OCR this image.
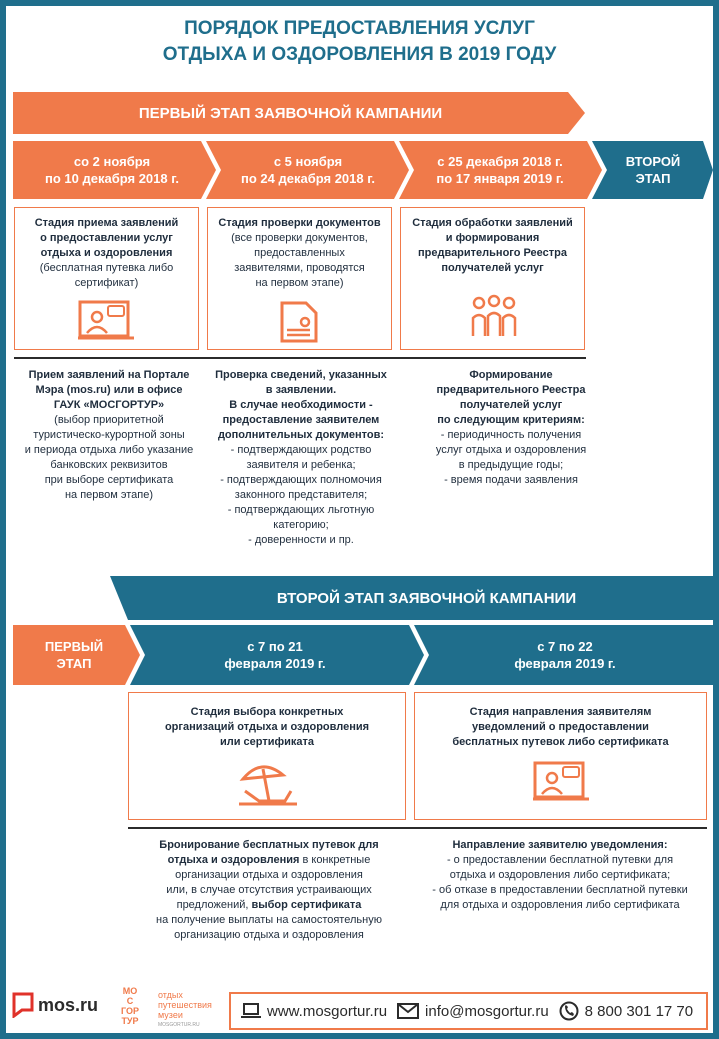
ПОРЯДОК ПРЕДОСТАВЛЕНИЯ УСЛУГ
ОТДЫХА И ОЗДОРОВЛЕНИЯ В 2019 ГОДУ
ПЕРВЫЙ ЭТАП ЗАЯВОЧНОЙ КАМПАНИИ
со 2 ноября
по 10 декабря 2018 г.
с 5 ноября
по 24 декабря 2018 г.
с 25 декабря 2018 г.
по 17 января 2019 г.
ВТОРОЙ
ЭТАП
Стадия приема заявлений
о предоставлении услуг
отдыха и оздоровления
(бесплатная путевка либо
сертификат)
Стадия проверки документов
(все проверки документов,
предоставленных
заявителями, проводятся
на первом этапе)
Стадия обработки заявлений
и формирования
предварительного Реестра
получателей услуг
Прием заявлений на Портале
Мэра (mos.ru) или в офисе
ГАУК «МОСГОРТУР»
(выбор приоритетной
туристическо-курортной зоны
и периода отдыха либо указание
банковских реквизитов
при выборе сертификата
на первом этапе)
Проверка сведений, указанных
в заявлении.
В случае необходимости -
предоставление заявителем
дополнительных документов:
- подтверждающих родство
заявителя и ребенка;
- подтверждающих полномочия
законного представителя;
- подтверждающих льготную
категорию;
- доверенности и пр.
Формирование
предварительного Реестра
получателей услуг
по следующим критериям:
- периодичность получения
услуг отдыха и оздоровления
в предыдущие годы;
- время подачи заявления
ВТОРОЙ ЭТАП ЗАЯВОЧНОЙ КАМПАНИИ
ПЕРВЫЙ
ЭТАП
с 7 по 21
февраля 2019 г.
с 7 по 22
февраля 2019 г.
Стадия выбора конкретных
организаций отдыха и оздоровления
или сертификата
Стадия направления заявителям
уведомлений о предоставлении
бесплатных путевок либо сертификата
Бронирование бесплатных путевок для
отдыха и оздоровления в конкретные
организации отдыха и оздоровления
или, в случае отсутствия устраивающих
предложений, выбор сертификата
на получение выплаты на самостоятельную
организацию отдыха и оздоровления
Направление заявителю уведомления:
- о предоставлении бесплатной путевки для
отдыха и оздоровления либо сертификата;
- об отказе в предоставлении бесплатной путевки
для отдыха и оздоровления либо сертификата
mos.ru
МО
С
ГОР
ТУР
отдых
путешествия
музеи
MOSGORTUR.RU
www.mosgortur.ru	info@mosgortur.ru 8 800 301 17 70
